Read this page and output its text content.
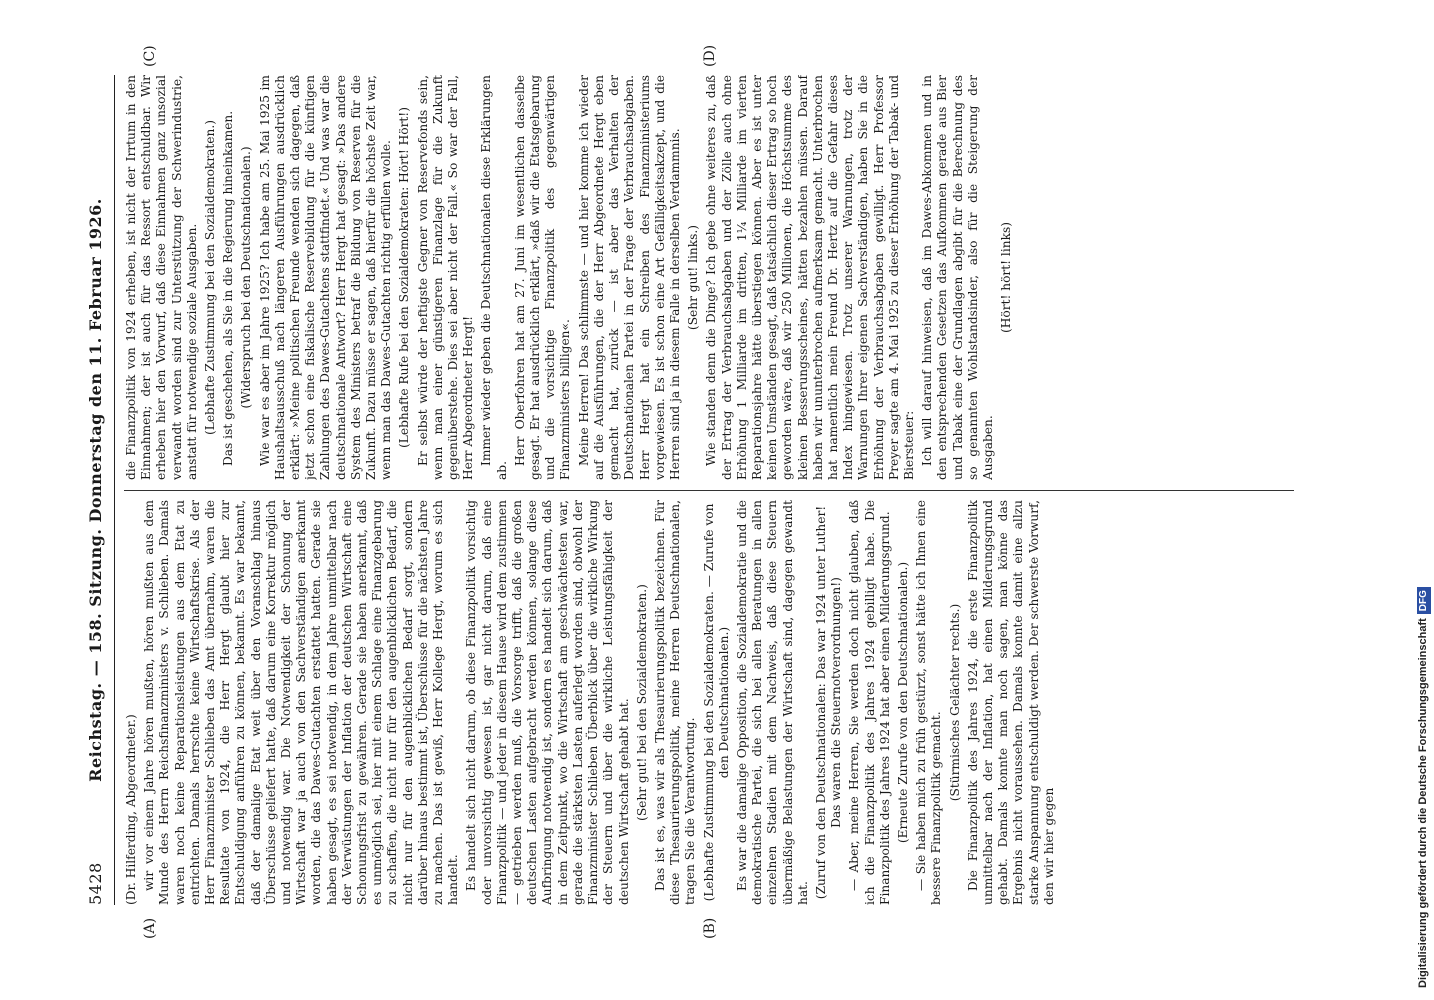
5428
Reichstag. — 158. Sitzung. Donnerstag den 11. Februar 1926.
(A)	(B)
(C)	(D)

(Dr. Hilferding, Abgeordneter.) wir vor einem Jahre hören mußten, hören mußten aus dem Munde des Herrn Reichsfinanzministers v. Schlieben. Damals waren noch keine Reparationsleistungen aus dem Etat zu entrichten. Damals herrschte keine Wirtschaftskrise. Als der Herr Finanzminister Schlieben das Amt übernahm, waren die Resultate von 1924, die Herr Hergt glaubt hier zur Entschuldigung anführen zu können, bekannt. Es war bekannt, daß der damalige Etat weit über den Voranschlag hinaus Überschüsse geliefert hatte, daß darum eine Korrektur möglich und notwendig war. Die Notwendigkeit der Schonung der Wirtschaft war ja auch von den Sachverständigen anerkannt worden, die das Dawes-Gutachten erstattet hatten. Gerade sie haben gesagt, es sei notwendig, in dem Jahre unmittelbar nach der Verwüstungen der Inflation der deutschen Wirtschaft eine Schonungsfrist zu gewähren. Gerade sie haben anerkannt, daß es unmöglich sei, hier mit einem Schlage eine Finanzgebarung zu schaffen, die nicht nur für den augenblicklichen Bedarf, die nicht nur für den augenblicklichen Bedarf sorgt, sondern darüber hinaus bestimmt ist, Überschüsse für die nächsten Jahre zu machen. Das ist gewiß, Herr Kollege Hergt, worum es sich handelt. Es handelt sich nicht darum, ob diese Finanzpolitik vorsichtig oder unvorsichtig gewesen ist, gar nicht darum, daß eine Finanzpolitik — und jeder in diesem Hause wird dem zustimmen — getrieben werden muß, die Vorsorge trifft, daß die großen deutschen Lasten aufgebracht werden können, solange diese Aufbringung notwendig ist, sondern es handelt sich darum, daß in dem Zeitpunkt, wo die Wirtschaft am geschwächtesten war, gerade die stärksten Lasten auferlegt worden sind, obwohl der Finanzminister Schlieben Überblick über die wirkliche Wirkung der Steuern und über die wirkliche Leistungsfähigkeit der deutschen Wirtschaft gehabt hat. (Sehr gut! bei den Sozialdemokraten.) Das ist es, was wir als Thesaurierungspolitik bezeichnen. Für diese Thesaurierungspolitik, meine Herren Deutschnationalen, tragen Sie die Verantwortung. (Lebhafte Zustimmung bei den Sozialdemokraten. — Zurufe von den Deutschnationalen.) Es war die damalige Opposition, die Sozialdemokratie und die demokratische Partei, die sich bei allen Beratungen in allen einzelnen Stadien mit dem Nachweis, daß diese Steuern übermäßige Belastungen der Wirtschaft sind, dagegen gewandt hat. (Zuruf von den Deutschnationalen: Das war 1924 unter Luther! Das waren die Steuernotverordnungen!) — Aber, meine Herren, Sie werden doch nicht glauben, daß ich die Finanzpolitik des Jahres 1924 gebilligt habe. Die Finanzpolitik des Jahres 1924 hat aber einen Milderungsgrund. (Erneute Zurufe von den Deutschnationalen.) — Sie haben mich zu früh gestürzt, sonst hätte ich Ihnen eine bessere Finanzpolitik gemacht.

(Stürmisches Gelächter rechts.) Die Finanzpolitik des Jahres 1924, die erste Finanzpolitik unmittelbar nach der Inflation, hat einen Milderungsgrund gehabt. Damals konnte man noch sagen, man könne das Ergebnis nicht voraussehen. Damals konnte damit eine allzu starke Anspannung entschuldigt werden. Der schwerste Vorwurf, den wir hier gegen

die Finanzpolitik von 1924 erheben, ist nicht der Irrtum in den Einnahmen; der ist auch für das Ressort entschuldbar. Wir erheben hier den Vorwurf, daß diese Einnahmen ganz unsozial verwandt worden sind zur Unterstützung der Schwerindustrie, anstatt für notwendige soziale Ausgaben. (Lebhafte Zustimmung bei den Sozialdemokraten.) Das ist geschehen, als Sie in die Regierung hineinkamen. (Widerspruch bei den Deutschnationalen.) Wie war es aber im Jahre 1925? Ich habe am 25. Mai 1925 im Haushaltsausschuß nach längeren Ausführungen ausdrücklich erklärt: »Meine politischen Freunde wenden sich dagegen, daß jetzt schon eine fiskalische Reservebildung für die künftigen Zahlungen des Dawes-Gutachtens stattfindet.« Und was war die deutschnationale Antwort? Herr Hergt hat gesagt: »Das andere System des Ministers betraf die Bildung von Reserven für die Zukunft. Dazu müsse er sagen, daß hierfür die höchste Zeit war, wenn man das Dawes-Gutachten richtig erfüllen wolle. (Lebhafte Rufe bei den Sozialdemokraten: Hört! Hört!) Er selbst würde der heftigste Gegner von Reservefonds sein, wenn man einer günstigeren Finanzlage für die Zukunft gegenüberstehe. Dies sei aber nicht der Fall.« So war der Fall, Herr Abgeordneter Hergt! Immer wieder geben die Deutschnationalen diese Erklärungen ab.

Herr Oberfohren hat am 27. Juni im wesentlichen dasselbe gesagt. Er hat ausdrücklich erklärt, »daß wir die Etatsgebarung und die vorsichtige Finanzpolitik des gegenwärtigen Finanzministers billigen«. Meine Herren! Das schlimmste — und hier komme ich wieder auf die Ausführungen, die der Herr Abgeordnete Hergt eben gemacht hat, zurück — ist aber das Verhalten der Deutschnationalen Partei in der Frage der Verbrauchsabgaben. Herr Hergt hat ein Schreiben des Finanzministeriums vorgewiesen. Es ist schon eine Art Gefälligkeitsakzept, und die Herren sind ja in diesem Falle in derselben Verdammnis. (Sehr gut! links.) Wie standen denn die Dinge? Ich gebe ohne weiteres zu, daß der Ertrag der Verbrauchsabgaben und der Zölle auch ohne Erhöhung 1 Milliarde im dritten, 1¼ Milliarde im vierten Reparationsjahre hätte überstiegen können. Aber es ist unter keinen Umständen gesagt, daß tatsächlich dieser Ertrag so hoch geworden wäre, daß wir 250 Millionen, die Höchstsumme des kleinen Besserungsscheines, hätten bezahlen müssen. Darauf haben wir ununterbrochen aufmerksam gemacht. Unterbrochen hat namentlich mein Freund Dr. Hertz auf die Gefahr dieses Index hingewiesen. Trotz unserer Warnungen, trotz der Warnungen Ihrer eigenen Sachverständigen, haben Sie in die Erhöhung der Verbrauchsabgaben gewilligt. Herr Professor Preyer sagte am 4. Mai 1925 zu dieser Erhöhung der Tabak- und Biersteuer: Ich will darauf hinweisen, daß im Dawes-Abkommen und in den entsprechenden Gesetzen das Aufkommen gerade aus Bier und Tabak eine der Grundlagen abgibt für die Berechnung des so genannten Wohlstandsinder, also für die Steigerung der Ausgaben.

(Hört! hört! links)

Digitalisierung gefördert durch die Deutsche ForschungsgemeinschaftDFG
